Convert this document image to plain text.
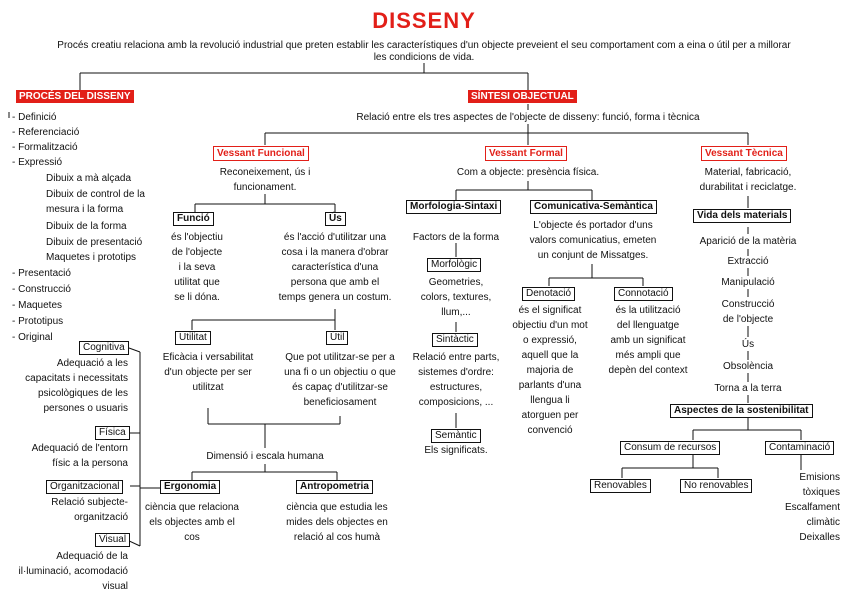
DISSENY
Procés creatiu relaciona amb la revolució industrial que preten establir les característiques d'un objecte preveient el seu comportament com a eina o útil per a millorar
les condicions de vida.
PROCÉS DEL DISSENY
- Definició
- Referenciació
- Formalització
- Expressió
Dibuix a mà alçada
Dibuix de control de la
mesura i la forma
Dibuix de la forma
Dibuix de presentació
Maquetes i prototips
- Presentació
- Construcció
- Maquetes
- Prototipus
- Original
Cognitiva
Adequació a les
capacitats i necessitats
psicològiques de les
persones o usuaris
Física
Adequació de l'entorn
físic a la persona
Organitzacional
Relació subjecte-
organització
Visual
Adequació de la
il·luminació, acomodació
visual
SÍNTESI OBJECTUAL
Relació entre els tres aspectes de l'objecte de disseny: funció, forma i tècnica
Vessant Funcional
Reconeixement, ús i
funcionament.
Funció
és l'objectiu
de l'objecte
i la seva
utilitat que
se li dóna.
Ús
és l'acció d'utilitzar una
cosa i la manera d'obrar
característica d'una
persona que amb el
temps genera un costum.
Utilitat
Eficàcia i versabilitat
d'un objecte per ser
utilitzat
Útil
Que pot utilitzar-se per a
una fi o un objectiu o que
és capaç d'utilitzar-se
beneficiosament
Dimensió i escala humana
Ergonomia
ciència que relaciona
els objectes amb el
cos
Antropometria
ciència que estudia les
mides dels objectes en
relació al cos humà
Vessant Formal
Com a objecte: presència física.
Morfologia-Sintaxi
Factors de la forma
Morfològic
Geometries,
colors, textures,
llum,...
Sintàctic
Relació entre parts,
sistemes d'ordre:
estructures,
composicions, ...
Semàntic
Els significats.
Comunicativa-Semàntica
L'objecte és portador d'uns
valors comunicatius, emeten
un conjunt de Missatges.
Denotació
és el significat
objectiu d'un mot
o expressió,
aquell que la
majoria de
parlants d'una
llengua li
atorguen per
convenció
Connotació
és la utilització
del llenguatge
amb un significat
més ampli que
depèn del context
Vessant Tècnica
Material, fabricació,
durabilitat i reciclatge.
Vida dels materials
Aparició de la matèria
Extracció
Manipulació
Construcció
de l'objecte
Ús
Obsolència
Torna a la terra
Aspectes de la sostenibilitat
Consum de recursos	Contaminació
Renovables	No renovables
Emisions
tòxiques
Escalfament
climàtic
Deixalles
